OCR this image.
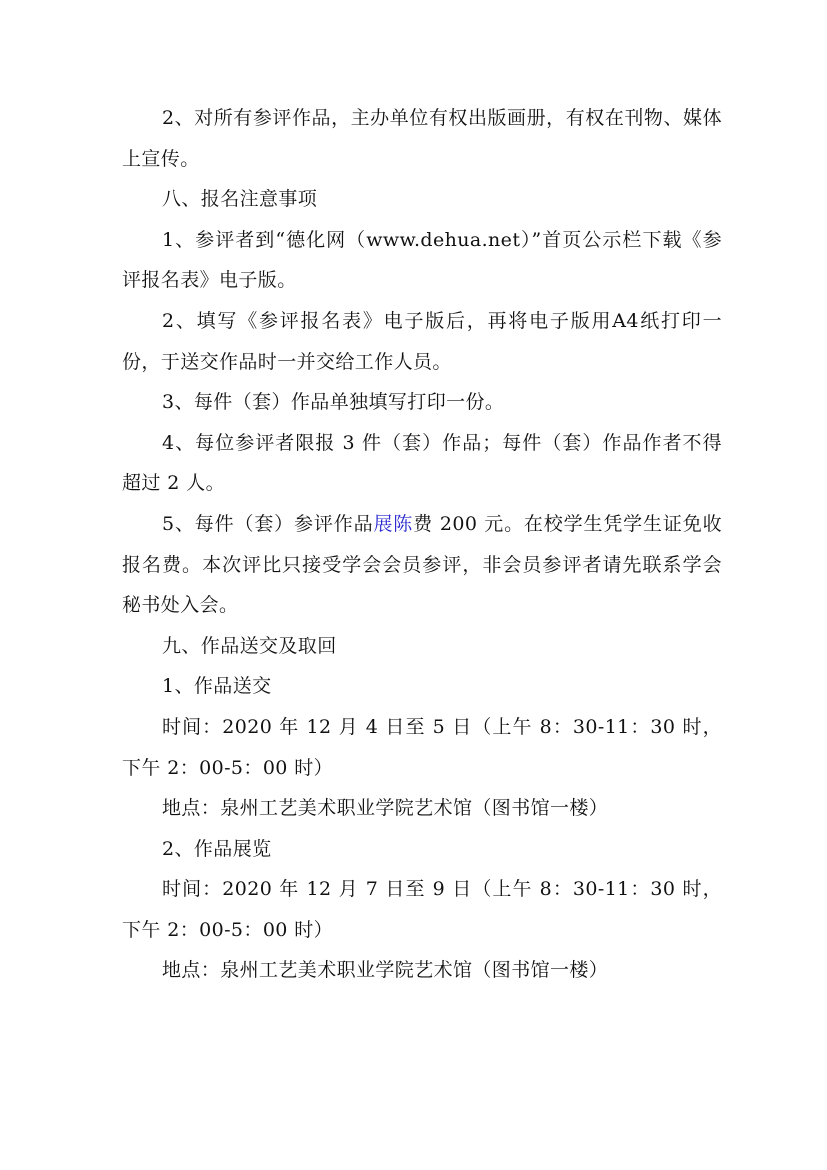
2、对所有参评作品，主办单位有权出版画册，有权在刊物、媒体上宣传。

八、报名注意事项

1、参评者到“德化网（www.dehua.net）”首页公示栏下载《参评报名表》电子版。

2、填写《参评报名表》电子版后，再将电子版用A4纸打印一份，于送交作品时一并交给工作人员。

3、每件（套）作品单独填写打印一份。

4、每位参评者限报 3 件（套）作品；每件（套）作品作者不得超过 2 人。

5、每件（套）参评作品展陈费 200 元。在校学生凭学生证免收报名费。本次评比只接受学会会员参评，非会员参评者请先联系学会秘书处入会。

九、作品送交及取回

1、作品送交

时间：2020 年 12 月 4 日至 5 日（上午 8：30-11：30 时，下午 2：00-5：00 时）

地点：泉州工艺美术职业学院艺术馆（图书馆一楼）

2、作品展览

时间：2020 年 12 月 7 日至 9 日（上午 8：30-11：30 时，下午 2：00-5：00 时）

地点：泉州工艺美术职业学院艺术馆（图书馆一楼）
